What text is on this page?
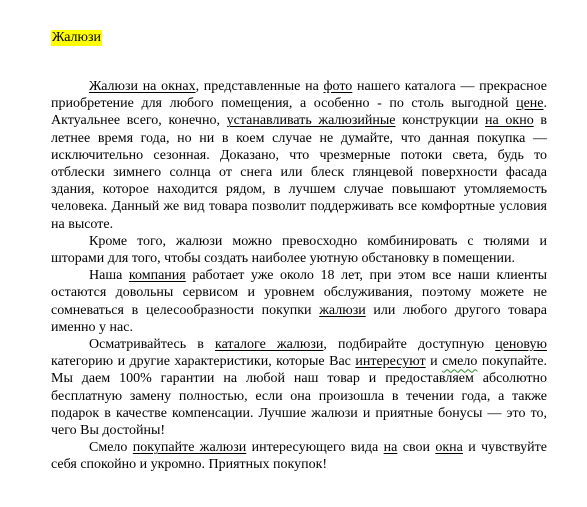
Жалюзи

Жалюзи на окнах, представленные на фото нашего каталога — прекрасное приобретение для любого помещения, а особенно - по столь выгодной цене. Актуальнее всего, конечно, устанавливать жалюзийные конструкции на окно в летнее время года, но ни в коем случае не думайте, что данная покупка — исключительно сезонная. Доказано, что чрезмерные потоки света, будь то отблески зимнего солнца от снега или блеск глянцевой поверхности фасада здания, которое находится рядом, в лучшем случае повышают утомляемость человека. Данный же вид товара позволит поддерживать все комфортные условия на высоте.

Кроме того, жалюзи можно превосходно комбинировать с тюлями и шторами для того, чтобы создать наиболее уютную обстановку в помещении.

Наша компания работает уже около 18 лет, при этом все наши клиенты остаются довольны сервисом и уровнем обслуживания, поэтому можете не сомневаться в целесообразности покупки жалюзи или любого другого товара именно у нас.

Осматривайтесь в каталоге жалюзи, подбирайте доступную ценовую категорию и другие характеристики, которые Вас интересуют и смело покупайте. Мы даем 100% гарантии на любой наш товар и предоставляем абсолютно бесплатную замену полностью, если она произошла в течении года, а также подарок в качестве компенсации. Лучшие жалюзи и приятные бонусы — это то, чего Вы достойны!

Смело покупайте жалюзи интересующего вида на свои окна и чувствуйте себя спокойно и укромно. Приятных покупок!
